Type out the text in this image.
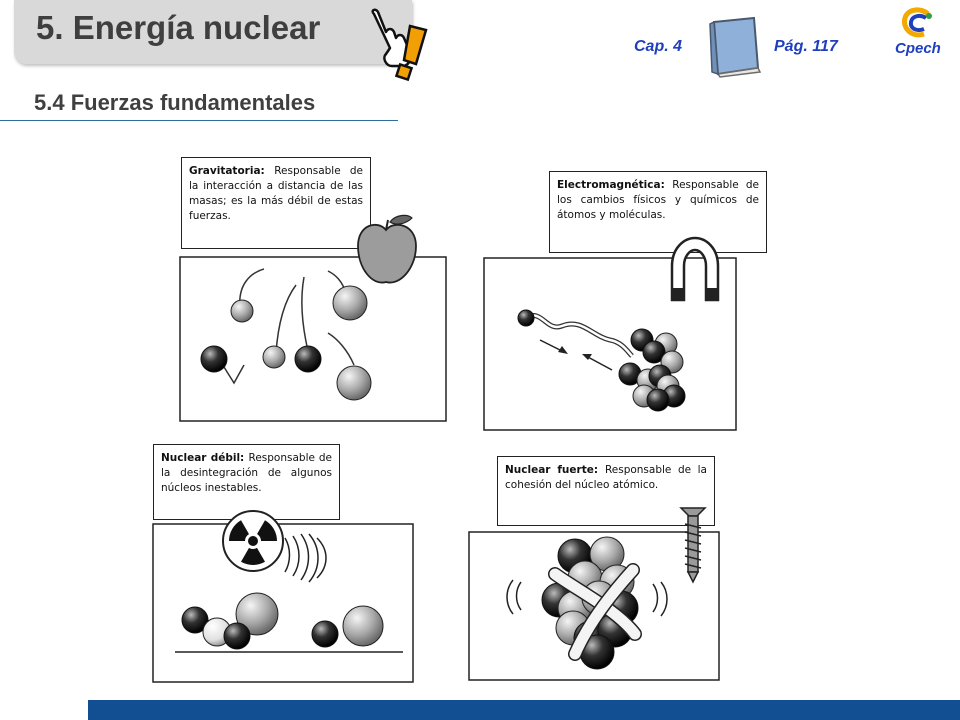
5. Energía nuclear
Cap. 4	Pág. 117	Cpech
5.4 Fuerzas fundamentales
Gravitatoria: Responsable de la interacción a distancia de las masas; es la más débil de estas fuerzas.
Electromagnética: Responsable de los cambios físicos y químicos de átomos y moléculas.
Nuclear débil: Responsable de la desintegración de algunos núcleos inestables.
Nuclear fuerte: Responsable de la cohesión del núcleo atómico.
